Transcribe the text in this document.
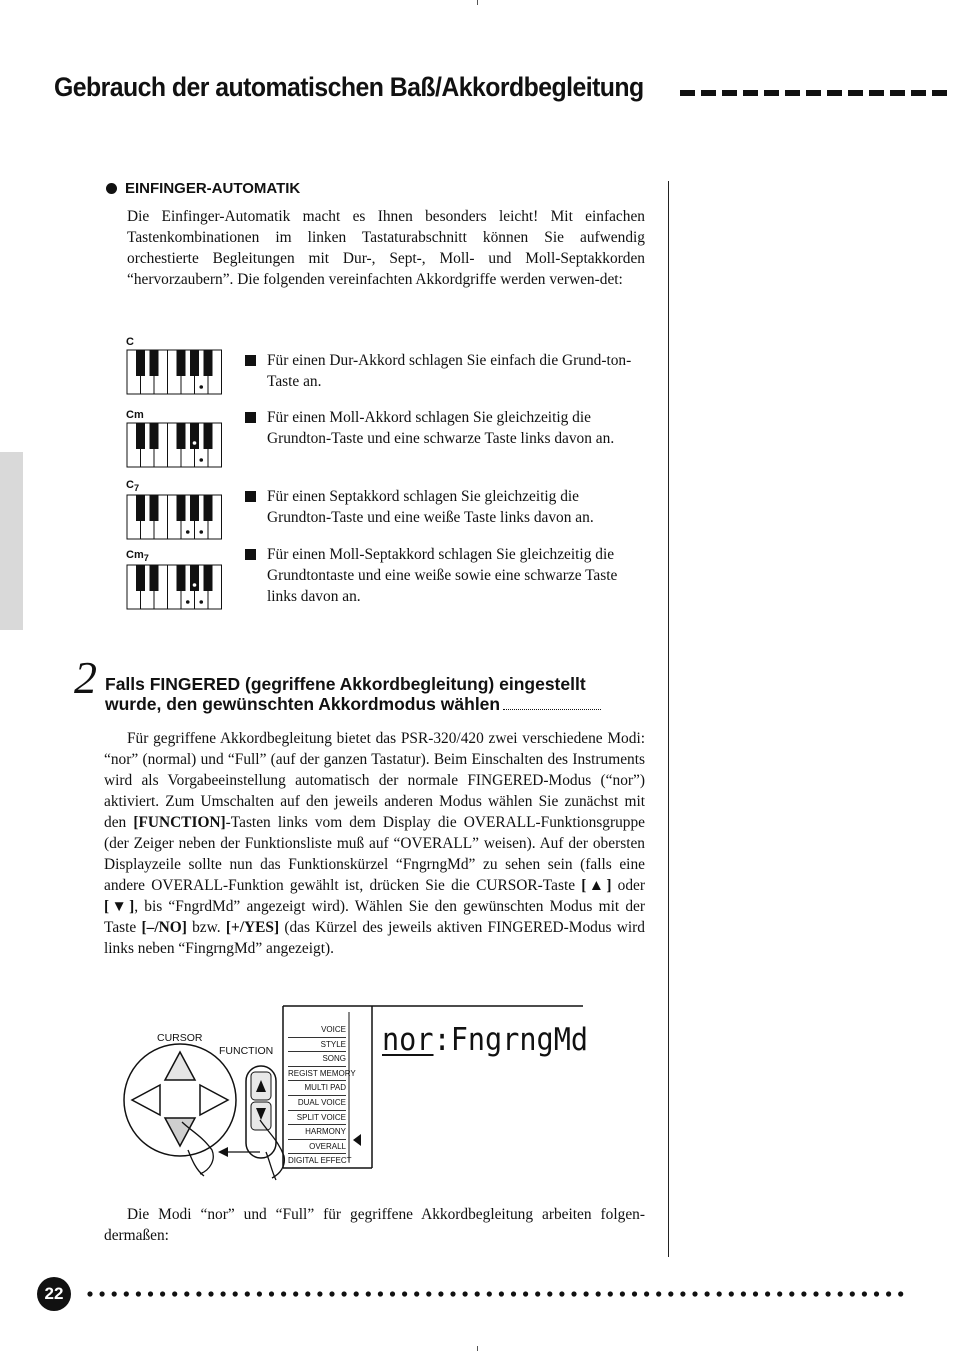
Gebrauch der automatischen Baß/Akkordbegleitung
EINFINGER-AUTOMATIK
Die Einfinger-Automatik macht es Ihnen besonders leicht! Mit einfachen Tastenkombinationen im linken Tastaturabschnitt können Sie aufwendig orchestierte Begleitungen mit Dur-, Sept-, Moll- und Moll-Septakkorden “hervorzaubern”. Die folgenden vereinfachten Akkordgriffe werden verwen-det:
C
Cm
$C_7$
$Cm_7$
Für einen Dur-Akkord schlagen Sie einfach die Grund-ton-Taste an.
Für einen Moll-Akkord schlagen Sie gleichzeitig die Grundton-Taste und eine schwarze Taste links davon an.
Für einen Septakkord schlagen Sie gleichzeitig die Grundton-Taste und eine weiße Taste links davon an.
Für einen Moll-Septakkord schlagen Sie gleichzeitig die Grundtontaste und eine weiße sowie eine schwarze Taste links davon an.
2 Falls FINGERED (gegriffene Akkordbegleitung) eingestellt wurde, den gewünschten Akkordmodus wählen
Für gegriffene Akkordbegleitung bietet das PSR-320/420 zwei verschiedene Modi: “nor” (normal) und “Full” (auf der ganzen Tastatur). Beim Einschalten des Instruments wird als Vorgabeeinstellung automatisch der normale FINGERED-Modus (“nor”) aktiviert. Zum Umschalten auf den jeweils anderen Modus wählen Sie zunächst mit den [FUNCTION]-Tasten links vom dem Display die OVERALL-Funktionsgruppe (der Zeiger neben der Funktionsliste muß auf “OVERALL” weisen). Auf der obersten Displayzeile sollte nun das Funktionskürzel “FngrngMd” zu sehen sein (falls eine andere OVERALL-Funktion gewählt ist, drücken Sie die CURSOR-Taste [▲] oder [▼], bis “FngrdMd” angezeigt wird). Wählen Sie den gewünschten Modus mit der Taste [–/NO] bzw. [+/YES] (das Kürzel des jeweils aktiven FINGERED-Modus wird links neben “FingrngMd” angezeigt).
CURSOR
FUNCTION
VOICE
STYLE
SONG
REGIST MEMORY
MULTI PAD
DUAL VOICE
SPLIT VOICE
HARMONY
OVERALL
DIGITAL EFFECT
nor:FngrngMd
Die Modi “nor” und “Full” für gegriffene Akkordbegleitung arbeiten folgen-dermaßen:
22
